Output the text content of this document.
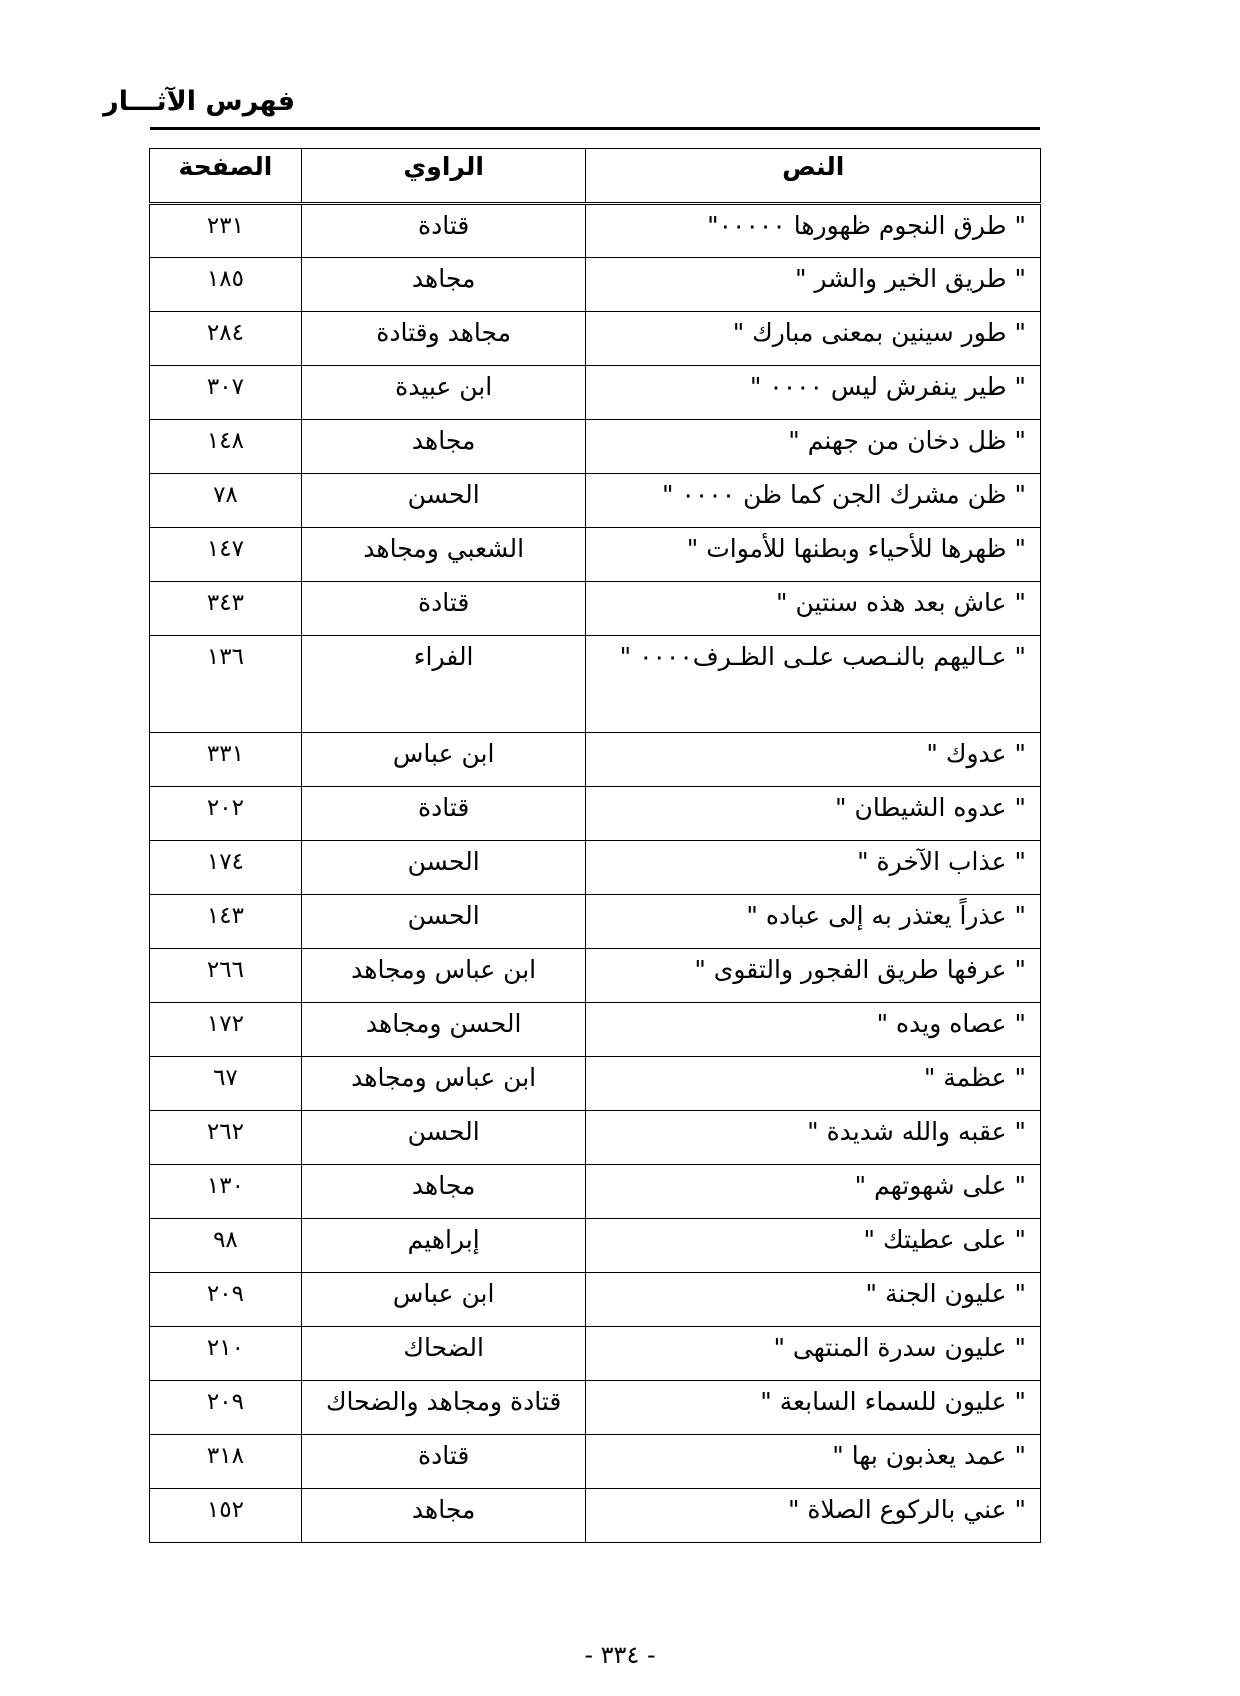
فهرس الآثـــار
النص	الراوي	الصفحة
" طرق النجوم ظهورها ٠٠٠٠٠"	قتادة	٢٣١
" طريق الخير والشر "	مجاهد	١٨٥
" طور سينين بمعنى مبارك "	مجاهد وقتادة	٢٨٤
" طير ينفرش ليس ٠٠٠٠ "	ابن عبيدة	٣٠٧
" ظل دخان من جهنم "	مجاهد	١٤٨
" ظن مشرك الجن كما ظن ٠٠٠٠ "	الحسن	٧٨
" ظهرها للأحياء وبطنها للأموات "	الشعبي ومجاهد	١٤٧
" عاش بعد هذه سنتين "	قتادة	٣٤٣
" عـاليهم بالنـصب علـى الظـرف٠٠٠٠ "	الفراء	١٣٦
" عدوك "	ابن عباس	٣٣١
" عدوه الشيطان "	قتادة	٢٠٢
" عذاب الآخرة "	الحسن	١٧٤
" عذراً يعتذر به إلى عباده "	الحسن	١٤٣
" عرفها طريق الفجور والتقوى "	ابن عباس ومجاهد	٢٦٦
" عصاه ويده "	الحسن ومجاهد	١٧٢
" عظمة "	ابن عباس ومجاهد	٦٧
" عقبه والله شديدة "	الحسن	٢٦٢
" على شهوتهم "	مجاهد	١٣٠
" على عطيتك "	إبراهيم	٩٨
" عليون الجنة "	ابن عباس	٢٠٩
" عليون سدرة المنتهى "	الضحاك	٢١٠
" عليون للسماء السابعة "	قتادة ومجاهد والضحاك	٢٠٩
" عمد يعذبون بها "	قتادة	٣١٨
" عني بالركوع الصلاة "	مجاهد	١٥٢
- ٣٣٤ -
